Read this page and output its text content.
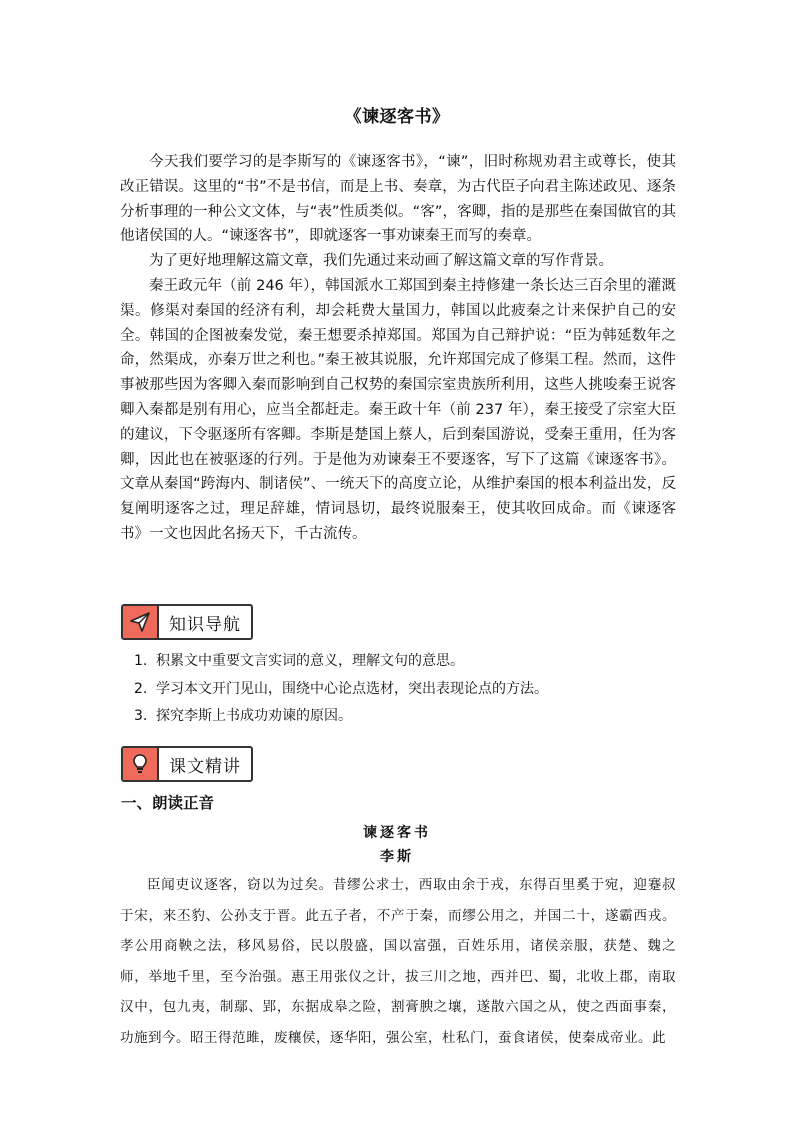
《谏逐客书》

今天我们要学习的是李斯写的《谏逐客书》，“谏”，旧时称规劝君主或尊长，使其改正错误。这里的“书”不是书信，而是上书、奏章，为古代臣子向君主陈述政见、逐条分析事理的一种公文文体，与“表”性质类似。“客”，客卿，指的是那些在秦国做官的其他诸侯国的人。“谏逐客书”，即就逐客一事劝谏秦王而写的奏章。

为了更好地理解这篇文章，我们先通过来动画了解这篇文章的写作背景。

秦王政元年（前 246 年），韩国派水工郑国到秦主持修建一条长达三百余里的灌溉渠。修渠对秦国的经济有利，却会耗费大量国力，韩国以此疲秦之计来保护自己的安全。韩国的企图被秦发觉，秦王想要杀掉郑国。郑国为自己辩护说：“臣为韩延数年之命，然渠成，亦秦万世之利也。”秦王被其说服，允许郑国完成了修渠工程。然而，这件事被那些因为客卿入秦而影响到自己权势的秦国宗室贵族所利用，这些人挑唆秦王说客卿入秦都是别有用心，应当全都赶走。秦王政十年（前 237 年），秦王接受了宗室大臣的建议，下令驱逐所有客卿。李斯是楚国上蔡人，后到秦国游说，受秦王重用，任为客卿，因此也在被驱逐的行列。于是他为劝谏秦王不要逐客，写下了这篇《谏逐客书》。文章从秦国“跨海内、制诸侯”、一统天下的高度立论，从维护秦国的根本利益出发，反复阐明逐客之过，理足辞雄，情词恳切，最终说服秦王，使其收回成命。而《谏逐客书》一文也因此名扬天下，千古流传。

知识导航
1. 积累文中重要文言实词的意义，理解文句的意思。
2. 学习本文开门见山，围绕中心论点选材，突出表现论点的方法。
3. 探究李斯上书成功劝谏的原因。
课文精讲
一、朗读正音
谏逐客书
李斯
臣闻吏议逐客，窃以为过矣。昔缪公求士，西取由余于戎，东得百里奚于宛，迎蹇叔于宋，来丕豹、公孙支于晋。此五子者，不产于秦，而缪公用之，并国二十，遂霸西戎。孝公用商鞅之法，移风易俗，民以殷盛，国以富强，百姓乐用，诸侯亲服，获楚、魏之师，举地千里，至今治强。惠王用张仪之计，拔三川之地，西并巴、蜀，北收上郡，南取汉中，包九夷，制鄢、郢，东据成皋之险，割膏腴之壤，遂散六国之从，使之西面事秦，功施到今。昭王得范雎，废穰侯，逐华阳，强公室，杜私门，蚕食诸侯，使秦成帝业。此
